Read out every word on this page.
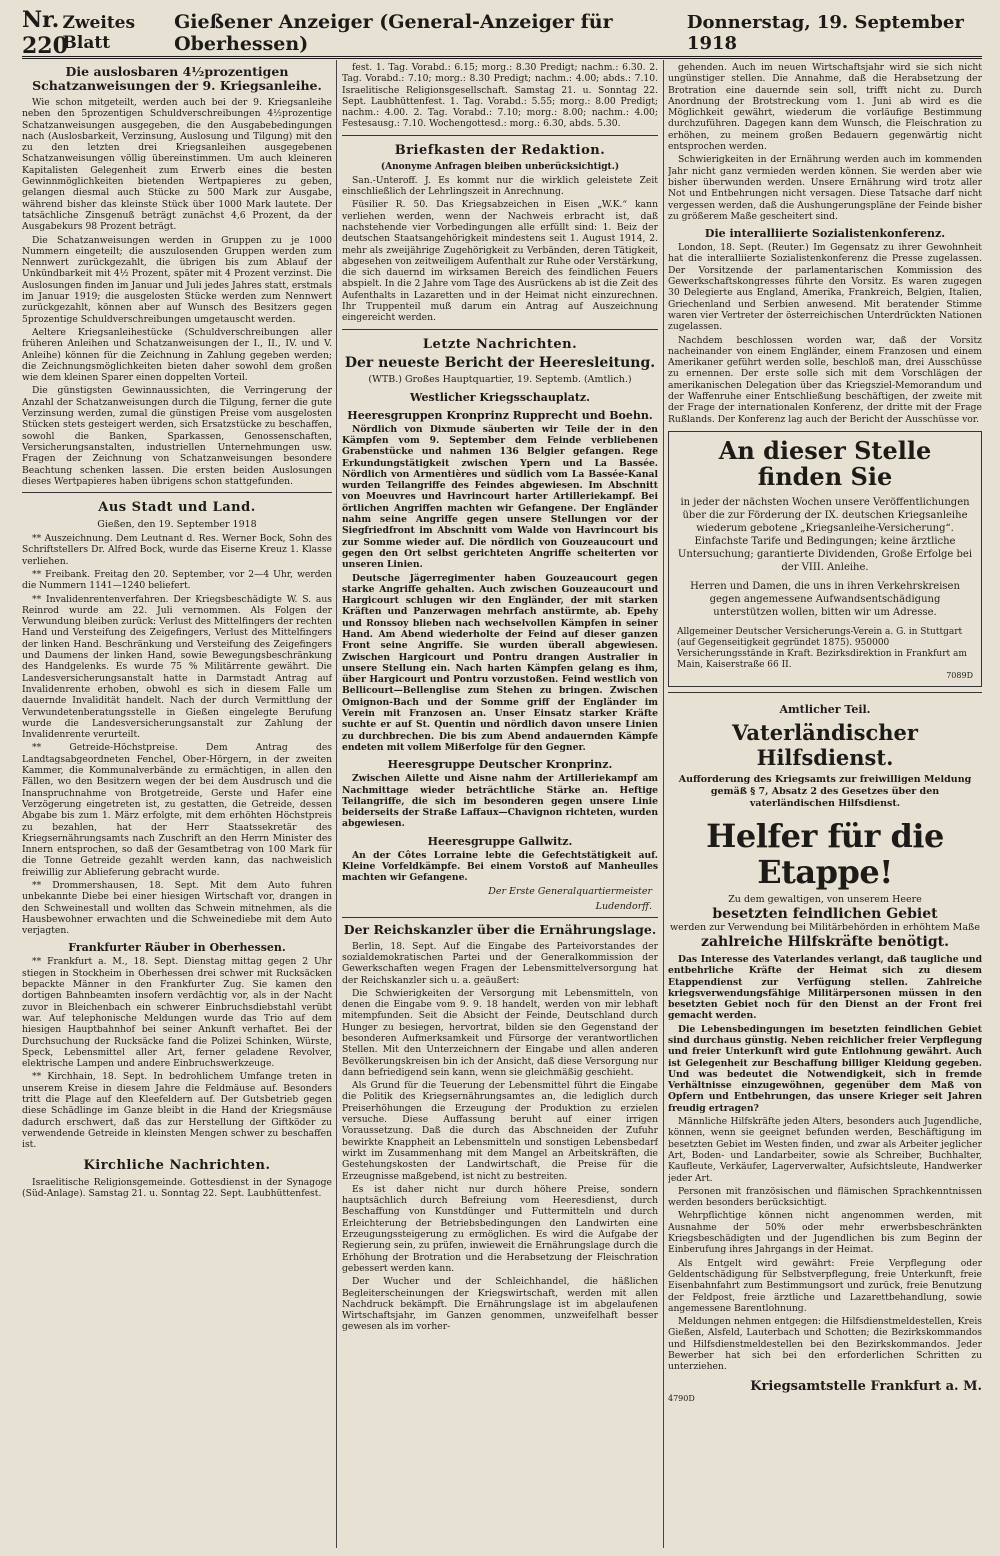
Nr. 220
Zweites Blatt
Gießener Anzeiger (General-Anzeiger für Oberhessen)
Donnerstag, 19. September 1918
Die auslosbaren 4½prozentigen Schatzanweisungen der 9. Kriegsanleihe.

Wie schon mitgeteilt, werden auch bei der 9. Kriegsanleihe neben den 5prozentigen Schuldverschreibungen 4½prozentige Schatzanweisungen ausgegeben, die den Ausgabebedingungen nach (Auslosbarkeit, Verzinsung, Auslosung und Tilgung) mit den zu den letzten drei Kriegsanleihen ausgegebenen Schatzanweisungen völlig übereinstimmen. Um auch kleineren Kapitalisten Gelegenheit zum Erwerb eines die besten Gewinnmöglichkeiten bietenden Wertpapieres zu geben, gelangen diesmal auch Stücke zu 500 Mark zur Ausgabe, während bisher das kleinste Stück über 1000 Mark lautete. Der tatsächliche Zinsgenuß beträgt zunächst 4,6 Prozent, da der Ausgabekurs 98 Prozent beträgt.

Die Schatzanweisungen werden in Gruppen zu je 1000 Nummern eingeteilt; die auszulosenden Gruppen werden zum Nennwert zurückgezahlt, die übrigen bis zum Ablauf der Unkündbarkeit mit 4½ Prozent, später mit 4 Prozent verzinst. Die Auslosungen finden im Januar und Juli jedes Jahres statt, erstmals im Januar 1919; die ausgelosten Stücke werden zum Nennwert zurückgezahlt, können aber auf Wunsch des Besitzers gegen 5prozentige Schuldverschreibungen umgetauscht werden.

Aeltere Kriegsanleihestücke (Schuldverschreibungen aller früheren Anleihen und Schatzanweisungen der I., II., IV. und V. Anleihe) können für die Zeichnung in Zahlung gegeben werden; die Zeichnungsmöglichkeiten bieten daher sowohl dem großen wie dem kleinen Sparer einen doppelten Vorteil.

Die günstigsten Gewinnaussichten, die Verringerung der Anzahl der Schatzanweisungen durch die Tilgung, ferner die gute Verzinsung werden, zumal die günstigen Preise vom ausgelosten Stücken stets gesteigert werden, sich Ersatzstücke zu beschaffen, sowohl die Banken, Sparkassen, Genossenschaften, Versicherungsanstalten, industriellen Unternehmungen usw. Fragen der Zeichnung von Schatzanweisungen besondere Beachtung schenken lassen. Die ersten beiden Auslosungen dieses Wertpapieres haben übrigens schon stattgefunden.

Aus Stadt und Land.
Gießen, den 19. September 1918

** Auszeichnung. Dem Leutnant d. Res. Werner Bock, Sohn des Schriftstellers Dr. Alfred Bock, wurde das Eiserne Kreuz 1. Klasse verliehen.

** Freibank. Freitag den 20. September, vor 2—4 Uhr, werden die Nummern 1141—1240 beliefert.

** Invalidenrentenverfahren. Der Kriegsbeschädigte W. S. aus Reinrod wurde am 22. Juli vernommen. Als Folgen der Verwundung bleiben zurück: Verlust des Mittelfingers der rechten Hand und Versteifung des Zeigefingers, Verlust des Mittelfingers der linken Hand. Beschränkung und Versteifung des Zeigefingers und Daumens der linken Hand, sowie Bewegungsbeschränkung des Handgelenks. Es wurde 75 % Militärrente gewährt. Die Landesversicherungsanstalt hatte in Darmstadt Antrag auf Invalidenrente erhoben, obwohl es sich in diesem Falle um dauernde Invalidität handelt. Nach der durch Vermittlung der Verwundetenberatungsstelle in Gießen eingelegte Berufung wurde die Landesversicherungsanstalt zur Zahlung der Invalidenrente verurteilt.

** Getreide-Höchstpreise. Dem Antrag des Landtagsabgeordneten Fenchel, Ober-Hörgern, in der zweiten Kammer, die Kommunalverbände zu ermächtigen, in allen den Fällen, wo den Besitzern wegen der bei dem Ausdrusch und die Inanspruchnahme von Brotgetreide, Gerste und Hafer eine Verzögerung eingetreten ist, zu gestatten, die Getreide, dessen Abgabe bis zum 1. März erfolgte, mit dem erhöhten Höchstpreis zu bezahlen, hat der Herr Staatssekretär des Kriegsernährungsamts nach Zuschrift an den Herrn Minister des Innern entsprochen, so daß der Gesamtbetrag von 100 Mark für die Tonne Getreide gezahlt werden kann, das nachweislich freiwillig zur Ablieferung gebracht wurde.

** Drommershausen, 18. Sept. Mit dem Auto fuhren unbekannte Diebe bei einer hiesigen Wirtschaft vor, drangen in den Schweinestall und wollten das Schwein mitnehmen, als die Hausbewohner erwachten und die Schweinediebe mit dem Auto verjagten.

Frankfurter Räuber in Oberhessen.

** Frankfurt a. M., 18. Sept. Dienstag mittag gegen 2 Uhr stiegen in Stockheim in Oberhessen drei schwer mit Rucksäcken bepackte Männer in den Frankfurter Zug. Sie kamen den dortigen Bahnbeamten insofern verdächtig vor, als in der Nacht zuvor in Bleichenbach ein schwerer Einbruchsdiebstahl verübt war. Auf telephonische Meldungen wurde das Trio auf dem hiesigen Hauptbahnhof bei seiner Ankunft verhaftet. Bei der Durchsuchung der Rucksäcke fand die Polizei Schinken, Würste, Speck, Lebensmittel aller Art, ferner geladene Revolver, elektrische Lampen und andere Einbruchswerkzeuge.

** Kirchhain, 18. Sept. In bedrohlichem Umfange treten in unserem Kreise in diesem Jahre die Feldmäuse auf. Besonders tritt die Plage auf den Kleefeldern auf. Der Gutsbetrieb gegen diese Schädlinge im Ganze bleibt in die Hand der Kriegsmäuse dadurch erschwert, daß das zur Herstellung der Giftköder zu verwendende Getreide in kleinsten Mengen schwer zu beschaffen ist.

Kirchliche Nachrichten.

Israelitische Religionsgemeinde. Gottesdienst in der Synagoge (Süd-Anlage). Samstag 21. u. Sonntag 22. Sept. Laubhüttenfest.

fest. 1. Tag. Vorabd.: 6.15; morg.: 8.30 Predigt; nachm.: 6.30. 2. Tag. Vorabd.: 7.10; morg.: 8.30 Predigt; nachm.: 4.00; abds.: 7.10. Israelitische Religionsgesellschaft. Samstag 21. u. Sonntag 22. Sept. Laubhüttenfest. 1. Tag. Vorabd.: 5.55; morg.: 8.00 Predigt; nachm.: 4.00. 2. Tag. Vorabd.: 7.10; morg.: 8.00; nachm.: 4.00; Festesausg.: 7.10. Wochengottesd.: morg.: 6.30, abds. 5.30.

Briefkasten der Redaktion.
(Anonyme Anfragen bleiben unberücksichtigt.)

San.-Unteroff. J. Es kommt nur die wirklich geleistete Zeit einschließlich der Lehrlingszeit in Anrechnung.

Füsilier R. 50. Das Kriegsabzeichen in Eisen „W.K.“ kann verliehen werden, wenn der Nachweis erbracht ist, daß nachstehende vier Vorbedingungen alle erfüllt sind: 1. Beiz der deutschen Staatsangehörigkeit mindestens seit 1. August 1914, 2. mehr als zweijährige Zugehörigkeit zu Verbänden, deren Tätigkeit, abgesehen von zeitweiligem Aufenthalt zur Ruhe oder Verstärkung, die sich dauernd im wirksamen Bereich des feindlichen Feuers abspielt. In die 2 Jahre vom Tage des Ausrückens ab ist die Zeit des Aufenthalts in Lazaretten und in der Heimat nicht einzurechnen. Ihr Truppenteil muß darum ein Antrag auf Auszeichnung eingereicht werden.

Letzte Nachrichten.
Der neueste Bericht der Heeresleitung.
(WTB.) Großes Hauptquartier, 19. Septemb. (Amtlich.)
Westlicher Kriegsschauplatz.
Heeresgruppen Kronprinz Rupprecht und Boehn.

Nördlich von Dixmude säuberten wir Teile der in den Kämpfen vom 9. September dem Feinde verbliebenen Grabenstücke und nahmen 136 Belgier gefangen. Rege Erkundungstätigkeit zwischen Ypern und La Bassée. Nördlich von Armentières und südlich vom La Bassée-Kanal wurden Teilangriffe des Feindes abgewiesen. Im Abschnitt von Moeuvres und Havrincourt harter Artilleriekampf. Bei örtlichen Angriffen machten wir Gefangene. Der Engländer nahm seine Angriffe gegen unsere Stellungen vor der Siegfriedfront im Abschnitt vom Walde von Havrincourt bis zur Somme wieder auf. Die nördlich von Gouzeaucourt und gegen den Ort selbst gerichteten Angriffe scheiterten vor unseren Linien.

Deutsche Jägerregimenter haben Gouzeaucourt gegen starke Angriffe gehalten. Auch zwischen Gouzeaucourt und Hargicourt schlugen wir den Engländer, der mit starken Kräften und Panzerwagen mehrfach anstürmte, ab. Epehy und Ronssoy blieben nach wechselvollen Kämpfen in seiner Hand. Am Abend wiederholte der Feind auf dieser ganzen Front seine Angriffe. Sie wurden überall abgewiesen. Zwischen Hargicourt und Pontru drangen Australier in unsere Stellung ein. Nach harten Kämpfen gelang es ihm, über Hargicourt und Pontru vorzustoßen. Feind westlich von Bellicourt—Bellenglise zum Stehen zu bringen. Zwischen Omignon-Bach und der Somme griff der Engländer im Verein mit Franzosen an. Unser Einsatz starker Kräfte suchte er auf St. Quentin und nördlich davon unsere Linien zu durchbrechen. Die bis zum Abend andauernden Kämpfe endeten mit vollem Mißerfolge für den Gegner.

Heeresgruppe Deutscher Kronprinz.

Zwischen Ailette und Aisne nahm der Artilleriekampf am Nachmittage wieder beträchtliche Stärke an. Heftige Teilangriffe, die sich im besonderen gegen unsere Linie beiderseits der Straße Laffaux—Chavignon richteten, wurden abgewiesen.

Heeresgruppe Gallwitz.

An der Côtes Lorraine lebte die Gefechtstätigkeit auf. Kleine Vorfeldkämpfe. Bei einem Vorstoß auf Manheulles machten wir Gefangene.

Der Erste Generalquartiermeister
Ludendorff.
Der Reichskanzler über die Ernährungslage.

Berlin, 18. Sept. Auf die Eingabe des Parteivorstandes der sozialdemokratischen Partei und der Generalkommission der Gewerkschaften wegen Fragen der Lebensmittelversorgung hat der Reichskanzler sich u. a. geäußert:

Die Schwierigkeiten der Versorgung mit Lebensmitteln, von denen die Eingabe vom 9. 9. 18 handelt, werden von mir lebhaft mitempfunden. Seit die Absicht der Feinde, Deutschland durch Hunger zu besiegen, hervortrat, bilden sie den Gegenstand der besonderen Aufmerksamkeit und Fürsorge der verantwortlichen Stellen. Mit den Unterzeichnern der Eingabe und allen anderen Bevölkerungskreisen bin ich der Ansicht, daß diese Versorgung nur dann befriedigend sein kann, wenn sie gleichmäßig geschieht.

Als Grund für die Teuerung der Lebensmittel führt die Eingabe die Politik des Kriegsernährungsamtes an, die lediglich durch Preiserhöhungen die Erzeugung der Produktion zu erzielen versuche. Diese Auffassung beruht auf einer irrigen Voraussetzung. Daß die durch das Abschneiden der Zufuhr bewirkte Knappheit an Lebensmitteln und sonstigen Lebensbedarf wirkt im Zusammenhang mit dem Mangel an Arbeitskräften, die Gestehungskosten der Landwirtschaft, die Preise für die Erzeugnisse maßgebend, ist nicht zu bestreiten.

Es ist daher nicht nur durch höhere Preise, sondern hauptsächlich durch Befreiung vom Heeresdienst, durch Beschaffung von Kunstdünger und Futtermitteln und durch Erleichterung der Betriebsbedingungen den Landwirten eine Erzeugungssteigerung zu ermöglichen. Es wird die Aufgabe der Regierung sein, zu prüfen, inwieweit die Ernährungslage durch die Erhöhung der Brotration und die Herabsetzung der Fleischration gebessert werden kann.

Der Wucher und der Schleichhandel, die häßlichen Begleiterscheinungen der Kriegswirtschaft, werden mit allen Nachdruck bekämpft. Die Ernährungslage ist im abgelaufenen Wirtschaftsjahr, im Ganzen genommen, unzweifelhaft besser gewesen als im vorher-

gehenden. Auch im neuen Wirtschaftsjahr wird sie sich nicht ungünstiger stellen. Die Annahme, daß die Herabsetzung der Brotration eine dauernde sein soll, trifft nicht zu. Durch Anordnung der Brotstreckung vom 1. Juni ab wird es die Möglichkeit gewährt, wiederum die vorläufige Bestimmung durchzuführen. Dagegen kann dem Wunsch, die Fleischration zu erhöhen, zu meinem großen Bedauern gegenwärtig nicht entsprochen werden.

Schwierigkeiten in der Ernährung werden auch im kommenden Jahr nicht ganz vermieden werden können. Sie werden aber wie bisher überwunden werden. Unsere Ernährung wird trotz aller Not und Entbehrungen nicht versagen. Diese Tatsache darf nicht vergessen werden, daß die Aushungerungspläne der Feinde bisher zu größerem Maße gescheitert sind.

Die interalliierte Sozialistenkonferenz.

London, 18. Sept. (Reuter.) Im Gegensatz zu ihrer Gewohnheit hat die interalliierte Sozialistenkonferenz die Presse zugelassen. Der Vorsitzende der parlamentarischen Kommission des Gewerkschaftskongresses führte den Vorsitz. Es waren zugegen 30 Delegierte aus England, Amerika, Frankreich, Belgien, Italien, Griechenland und Serbien anwesend. Mit beratender Stimme waren vier Vertreter der österreichischen Unterdrückten Nationen zugelassen.

Nachdem beschlossen worden war, daß der Vorsitz nacheinander von einem Engländer, einem Franzosen und einem Amerikaner geführt werden solle, beschloß man, drei Ausschüsse zu ernennen. Der erste solle sich mit dem Vorschlägen der amerikanischen Delegation über das Kriegsziel-Memorandum und der Waffenruhe einer Entschließung beschäftigen, der zweite mit der Frage der internationalen Konferenz, der dritte mit der Frage Rußlands. Der Konferenz lag auch der Bericht der Ausschüsse vor.

An dieser Stelle finden Sie
in jeder der nächsten Wochen unsere Veröffentlichungen über die zur Förderung der IX. deutschen Kriegsanleihe wiederum gebotene „Kriegsanleihe-Versicherung“. Einfachste Tarife und Bedingungen; keine ärztliche Untersuchung; garantierte Dividenden, Große Erfolge bei der VIII. Anleihe.
Herren und Damen, die uns in ihren Verkehrskreisen gegen angemessene Aufwandsentschädigung unterstützen wollen, bitten wir um Adresse.
Allgemeiner Deutscher Versicherungs-Verein a. G. in Stuttgart (auf Gegenseitigkeit gegründet 1875). 950000 Versicherungsstände in Kraft. Bezirksdirektion in Frankfurt am Main, Kaiserstraße 66 II.
7089D
Amtlicher Teil.
Vaterländischer Hilfsdienst.
Aufforderung des Kriegsamts zur freiwilligen Meldung gemäß § 7, Absatz 2 des Gesetzes über den vaterländischen Hilfsdienst.
Helfer für die Etappe!
Zu dem gewaltigen, von unserem Heere
besetzten feindlichen Gebiet
werden zur Verwendung bei Militärbehörden in erhöhtem Maße
zahlreiche Hilfskräfte benötigt.

Das Interesse des Vaterlandes verlangt, daß taugliche und entbehrliche Kräfte der Heimat sich zu diesem Etappendienst zur Verfügung stellen. Zahlreiche kriegsverwendungsfähige Militärpersonen müssen in den besetzten Gebiet noch für den Dienst an der Front frei gemacht werden.

Die Lebensbedingungen im besetzten feindlichen Gebiet sind durchaus günstig. Neben reichlicher freier Verpflegung und freier Unterkunft wird gute Entlohnung gewährt. Auch ist Gelegenheit zur Beschaffung billiger Kleidung gegeben. Und was bedeutet die Notwendigkeit, sich in fremde Verhältnisse einzugewöhnen, gegenüber dem Maß von Opfern und Entbehrungen, das unsere Krieger seit Jahren freudig ertragen?

Männliche Hilfskräfte jeden Alters, besonders auch Jugendliche, können, wenn sie geeignet befunden werden, Beschäftigung im besetzten Gebiet im Westen finden, und zwar als Arbeiter jeglicher Art, Boden- und Landarbeiter, sowie als Schreiber, Buchhalter, Kaufleute, Verkäufer, Lagerverwalter, Aufsichtsleute, Handwerker jeder Art.

Personen mit französischen und flämischen Sprachkenntnissen werden besonders berücksichtigt.

Wehrpflichtige können nicht angenommen werden, mit Ausnahme der 50% oder mehr erwerbsbeschränkten Kriegsbeschädigten und der Jugendlichen bis zum Beginn der Einberufung ihres Jahrgangs in der Heimat.

Als Entgelt wird gewährt: Freie Verpflegung oder Geldentschädigung für Selbstverpflegung, freie Unterkunft, freie Eisenbahnfahrt zum Bestimmungsort und zurück, freie Benutzung der Feldpost, freie ärztliche und Lazarettbehandlung, sowie angemessene Barentlohnung.

Meldungen nehmen entgegen: die Hilfsdienstmeldestellen, Kreis Gießen, Alsfeld, Lauterbach und Schotten; die Bezirkskommandos und Hilfsdienstmeldestellen bei den Bezirkskommandos. Jeder Bewerber hat sich bei den erforderlichen Schritten zu unterziehen.

Kriegsamtstelle Frankfurt a. M.
4790D
